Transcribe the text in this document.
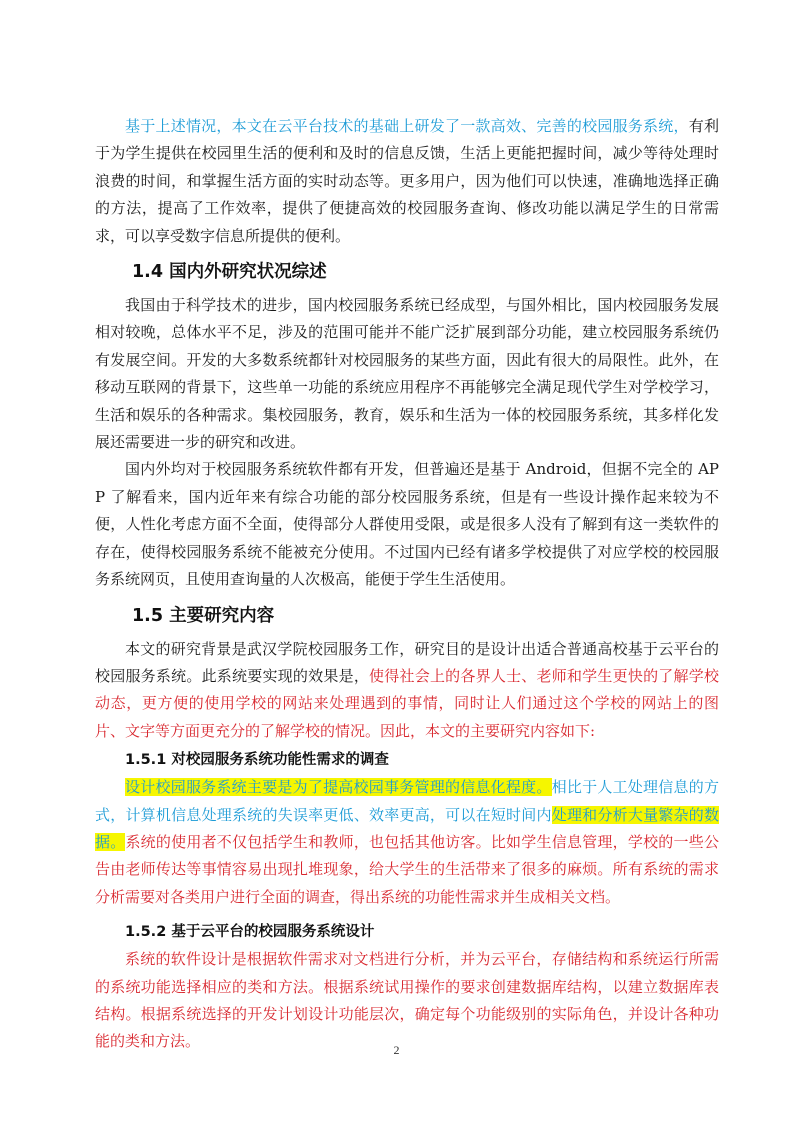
基于上述情况，本文在云平台技术的基础上研发了一款高效、完善的校园服务系统，有利于为学生提供在校园里生活的便利和及时的信息反馈，生活上更能把握时间，减少等待处理时浪费的时间，和掌握生活方面的实时动态等。更多用户，因为他们可以快速，准确地选择正确的方法，提高了工作效率，提供了便捷高效的校园服务查询、修改功能以满足学生的日常需求，可以享受数字信息所提供的便利。

1.4 国内外研究状况综述

我国由于科学技术的进步，国内校园服务系统已经成型，与国外相比，国内校园服务发展相对较晚，总体水平不足，涉及的范围可能并不能广泛扩展到部分功能，建立校园服务系统仍有发展空间。开发的大多数系统都针对校园服务的某些方面，因此有很大的局限性。此外，在移动互联网的背景下，这些单一功能的系统应用程序不再能够完全满足现代学生对学校学习，生活和娱乐的各种需求。集校园服务，教育，娱乐和生活为一体的校园服务系统，其多样化发展还需要进一步的研究和改进。

国内外均对于校园服务系统软件都有开发，但普遍还是基于 Android，但据不完全的 APP 了解看来，国内近年来有综合功能的部分校园服务系统，但是有一些设计操作起来较为不便，人性化考虑方面不全面，使得部分人群使用受限，或是很多人没有了解到有这一类软件的存在，使得校园服务系统不能被充分使用。不过国内已经有诸多学校提供了对应学校的校园服务系统网页，且使用查询量的人次极高，能便于学生生活使用。

1.5 主要研究内容

本文的研究背景是武汉学院校园服务工作，研究目的是设计出适合普通高校基于云平台的校园服务系统。此系统要实现的效果是，使得社会上的各界人士、老师和学生更快的了解学校动态，更方便的使用学校的网站来处理遇到的事情，同时让人们通过这个学校的网站上的图片、文字等方面更充分的了解学校的情况。因此，本文的主要研究内容如下:

1.5.1 对校园服务系统功能性需求的调查

设计校园服务系统主要是为了提高校园事务管理的信息化程度。相比于人工处理信息的方式，计算机信息处理系统的失误率更低、效率更高，可以在短时间内处理和分析大量繁杂的数据。系统的使用者不仅包括学生和教师，也包括其他访客。比如学生信息管理，学校的一些公告由老师传达等事情容易出现扎堆现象，给大学生的生活带来了很多的麻烦。所有系统的需求分析需要对各类用户进行全面的调查，得出系统的功能性需求并生成相关文档。

1.5.2 基于云平台的校园服务系统设计

系统的软件设计是根据软件需求对文档进行分析，并为云平台，存储结构和系统运行所需的系统功能选择相应的类和方法。根据系统试用操作的要求创建数据库结构，以建立数据库表结构。根据系统选择的开发计划设计功能层次，确定每个功能级别的实际角色，并设计各种功能的类和方法。	2
